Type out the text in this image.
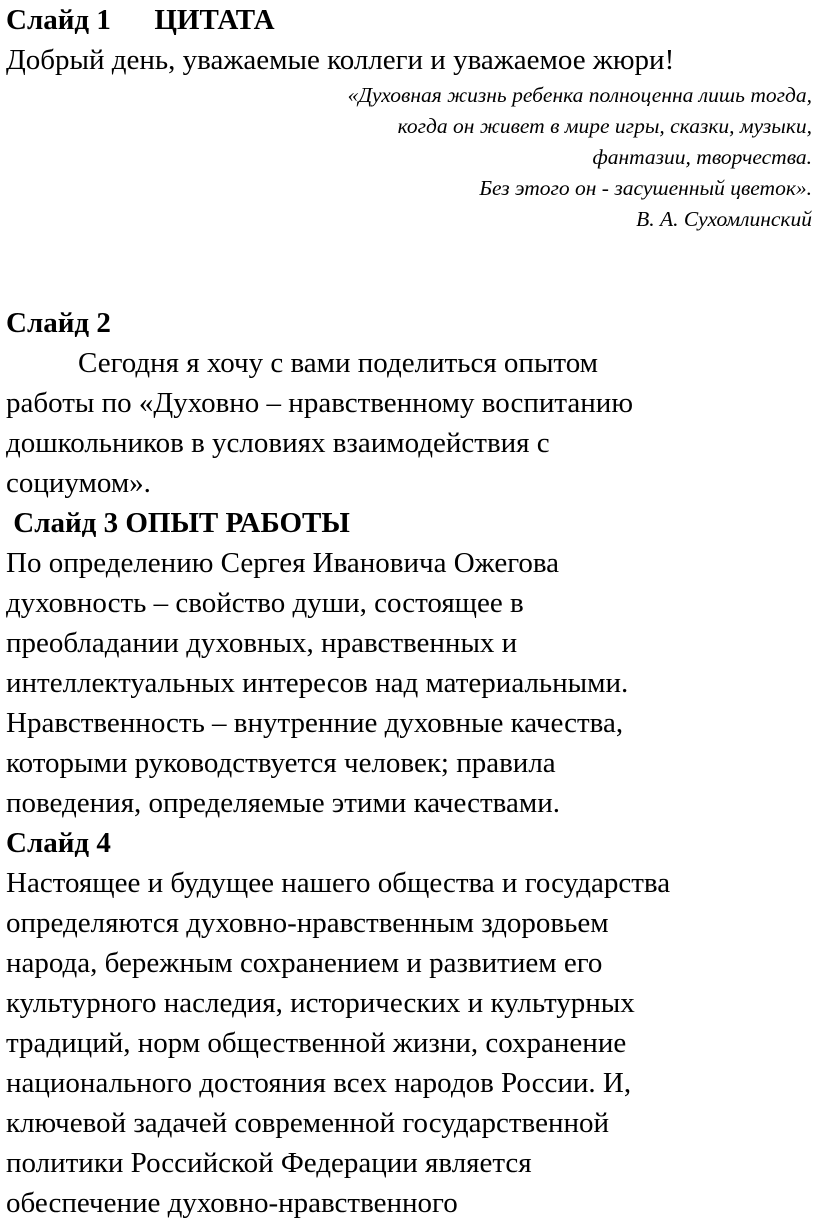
Слайд 1      ЦИТАТА

Добрый день, уважаемые коллеги и уважаемое жюри!

«Духовная жизнь ребенка полноценна лишь тогда,
когда он живет в мире игры, сказки, музыки,
фантазии, творчества.
Без этого он - засушенный цветок».
В. А. Сухомлинский
Слайд 2
Сегодня я хочу с вами поделиться опытом
работы по «Духовно – нравственному воспитанию
дошкольников в условиях взаимодействия с
социумом».
Слайд 3 ОПЫТ РАБОТЫ
По определению Сергея Ивановича Ожегова
духовность – свойство души, состоящее в
преобладании духовных, нравственных и
интеллектуальных интересов над материальными.
Нравственность – внутренние духовные качества,
которыми руководствуется человек; правила
поведения, определяемые этими качествами.
Слайд 4
Настоящее и будущее нашего общества и государства
определяются духовно-нравственным здоровьем
народа, бережным сохранением и развитием его
культурного наследия, исторических и культурных
традиций, норм общественной жизни, сохранение
национального достояния всех народов России. И,
ключевой задачей современной государственной
политики Российской Федерации является
обеспечение духовно-нравственного
